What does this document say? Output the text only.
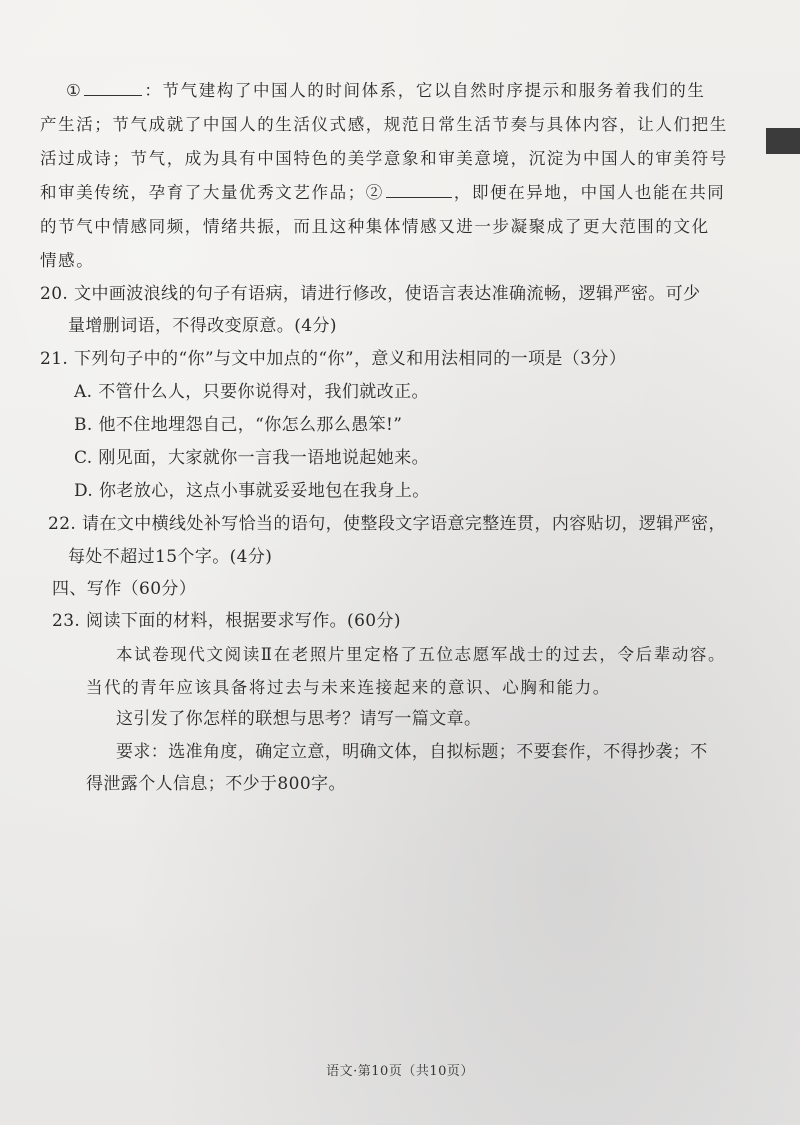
①	：节气建构了中国人的时间体系，它以自然时序提示和服务着我们的生
产生活；节气成就了中国人的生活仪式感，规范日常生活节奏与具体内容，让人们把生
活过成诗；节气，成为具有中国特色的美学意象和审美意境，沉淀为中国人的审美符号
和审美传统，孕育了大量优秀文艺作品；②	，即便在异地，中国人也能在共同
的节气中情感同频，情绪共振，而且这种集体情感又进一步凝聚成了更大范围的文化
情感。
20. 文中画波浪线的句子有语病，请进行修改，使语言表达准确流畅，逻辑严密。可少
量增删词语，不得改变原意。(4分)
21. 下列句子中的“你”与文中加点的“你”，意义和用法相同的一项是（3分）
A. 不管什么人，只要你说得对，我们就改正。
B. 他不住地埋怨自己，“你怎么那么愚笨!”
C. 刚见面，大家就你一言我一语地说起她来。
D. 你老放心，这点小事就妥妥地包在我身上。
22. 请在文中横线处补写恰当的语句，使整段文字语意完整连贯，内容贴切，逻辑严密，
每处不超过15个字。(4分)
四、写作（60分）
23. 阅读下面的材料，根据要求写作。(60分)
本试卷现代文阅读Ⅱ在老照片里定格了五位志愿军战士的过去，令后辈动容。
当代的青年应该具备将过去与未来连接起来的意识、心胸和能力。
这引发了你怎样的联想与思考？请写一篇文章。
要求：选准角度，确定立意，明确文体，自拟标题；不要套作，不得抄袭；不
得泄露个人信息；不少于800字。
语文·第10页（共10页）
